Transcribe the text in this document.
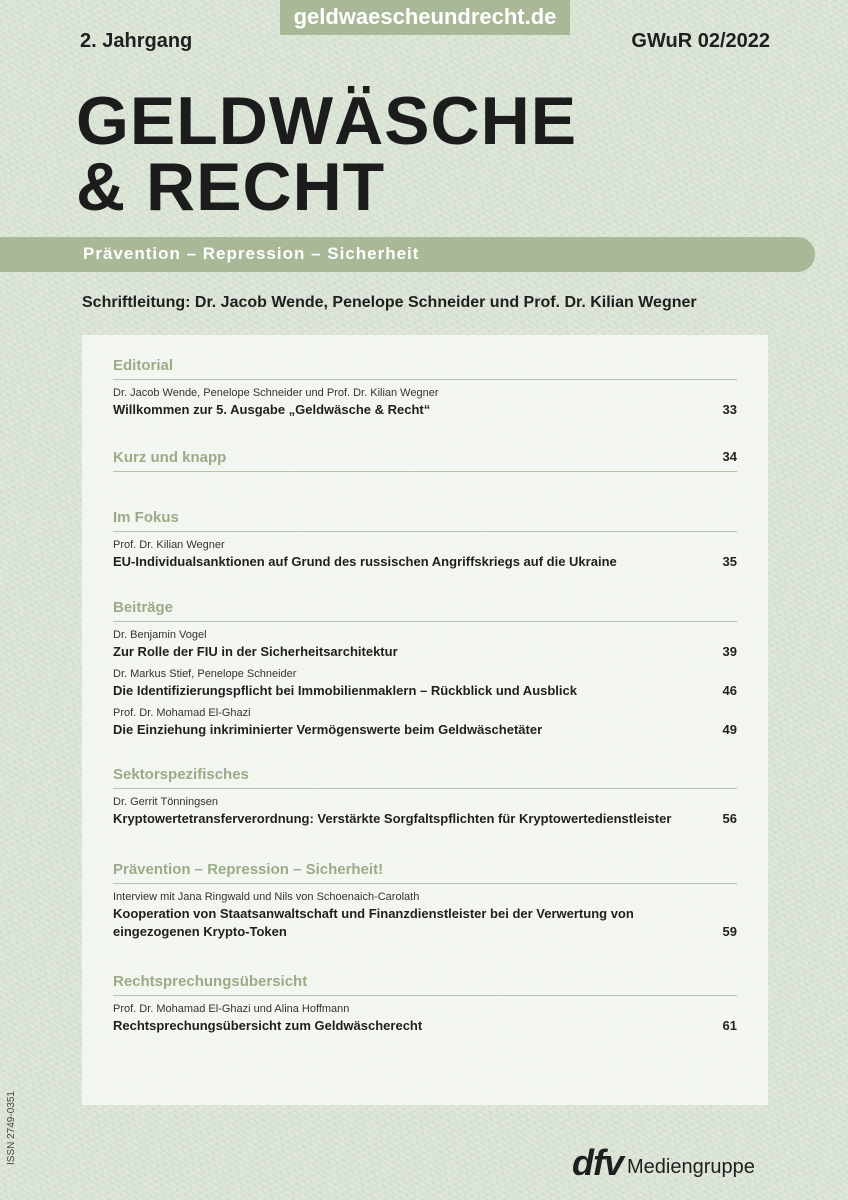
geldwaescheundrecht.de
2. Jahrgang	GWuR 02/2022
GELDWÄSCHE
& RECHT
Prävention – Repression – Sicherheit
Schriftleitung: Dr. Jacob Wende, Penelope Schneider und Prof. Dr. Kilian Wegner
Editorial
Dr. Jacob Wende, Penelope Schneider und Prof. Dr. Kilian Wegner
Willkommen zur 5. Ausgabe „Geldwäsche & Recht“	33
Kurz und knapp	34
Im Fokus
Prof. Dr. Kilian Wegner
EU-Individualsanktionen auf Grund des russischen Angriffskriegs auf die Ukraine	35
Beiträge
Dr. Benjamin Vogel
Zur Rolle der FIU in der Sicherheitsarchitektur	39
Dr. Markus Stief, Penelope Schneider
Die Identifizierungspflicht bei Immobilienmaklern – Rückblick und Ausblick	46
Prof. Dr. Mohamad El-Ghazi
Die Einziehung inkriminierter Vermögenswerte beim Geldwäschetäter	49
Sektorspezifisches
Dr. Gerrit Tönningsen
Kryptowertetransferverordnung: Verstärkte Sorgfaltspflichten für Kryptowertedienstleister	56
Prävention – Repression – Sicherheit!
Interview mit Jana Ringwald und Nils von Schoenaich-Carolath
Kooperation von Staatsanwaltschaft und Finanzdienstleister bei der Verwertung von
eingezogenen Krypto-Token	59
Rechtsprechungsübersicht
Prof. Dr. Mohamad El-Ghazi und Alina Hoffmann
Rechtsprechungsübersicht zum Geldwäscherecht	61
ISSN 2749-0351	dfv Mediengruppe
